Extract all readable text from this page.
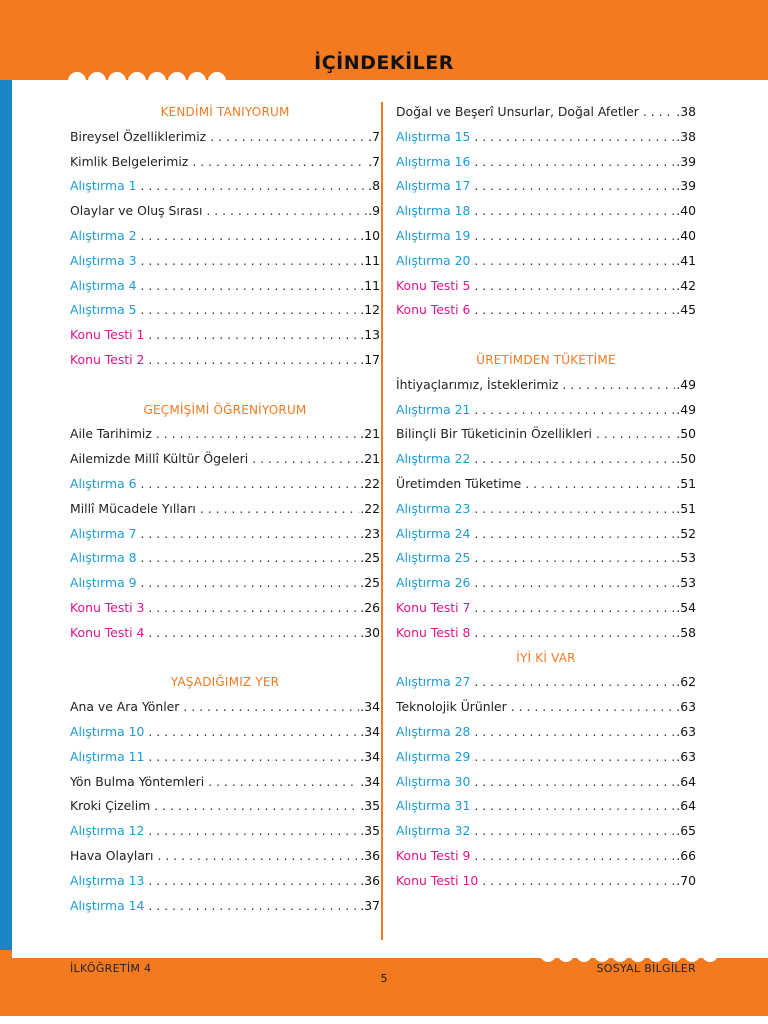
İÇİNDEKİLER
KENDİMİ TANIYORUM
Bireysel Özelliklerimiz . . .	.7
Kimlik Belgelerimiz . . .	.7
Alıştırma 1 . . .	.8
Olaylar ve Oluş Sırası . . .	.9
Alıştırma 2 . . .	.10
Alıştırma 3 . . .	.11
Alıştırma 4 . . .	.11
Alıştırma 5 . . .	.12
Konu Testi 1 . . .	.13
Konu Testi 2 . . .	.17
GEÇMİŞİMİ ÖĞRENİYORUM
Aile Tarihimiz . . .	.21
Ailemizde Millî Kültür Ögeleri . . .	.21
Alıştırma 6 . . .	.22
Millî Mücadele Yılları . . .	.22
Alıştırma 7 . . .	.23
Alıştırma 8 . . .	.25
Alıştırma 9 . . .	.25
Konu Testi 3 . . .	.26
Konu Testi 4 . . .	.30
YAŞADIĞIMIZ YER
Ana ve Ara Yönler . . .	.34
Alıştırma 10 . . .	.34
Alıştırma 11 . . .	.34
Yön Bulma Yöntemleri . . .	.34
Kroki Çizelim . . .	.35
Alıştırma 12 . . .	.35
Hava Olayları . . .	.36
Alıştırma 13 . . .	.36
Alıştırma 14 . . .	.37
Doğal ve Beşerî Unsurlar, Doğal Afetler . . .	.38
Alıştırma 15 . . .	.38
Alıştırma 16 . . .	.39
Alıştırma 17 . . .	.39
Alıştırma 18 . . .	.40
Alıştırma 19 . . .	.40
Alıştırma 20 . . .	.41
Konu Testi 5 . . .	.42
Konu Testi 6 . . .	.45
ÜRETİMDEN TÜKETİME
İhtiyaçlarımız, İsteklerimiz . . .	.49
Alıştırma 21 . . .	.49
Bilinçli Bir Tüketicinin Özellikleri . . .	.50
Alıştırma 22 . . .	.50
Üretimden Tüketime . . .	.51
Alıştırma 23 . . .	.51
Alıştırma 24 . . .	.52
Alıştırma 25 . . .	.53
Alıştırma 26 . . .	.53
Konu Testi 7 . . .	.54
Konu Testi 8 . . .	.58
İYİ Kİ VAR
Alıştırma 27 . . .	.62
Teknolojik Ürünler . . .	.63
Alıştırma 28 . . .	.63
Alıştırma 29 . . .	.63
Alıştırma 30 . . .	.64
Alıştırma 31 . . .	.64
Alıştırma 32 . . .	.65
Konu Testi 9 . . .	.66
Konu Testi 10 . . .	.70
İLKÖĞRETİM 4
5
SOSYAL BİLGİLER
